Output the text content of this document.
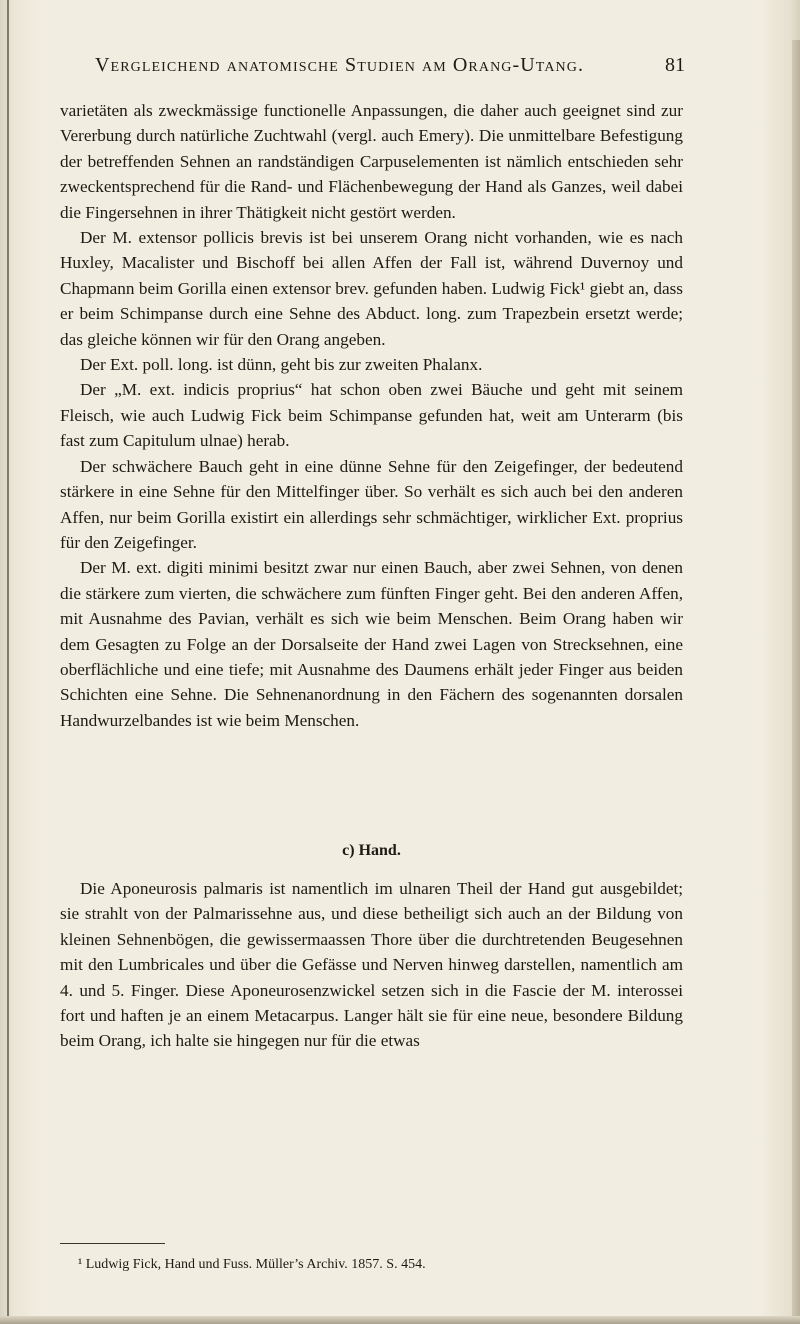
Vergleichend anatomische Studien am Orang-Utang.	81

varietäten als zweckmässige functionelle Anpassungen, die daher auch geeignet sind zur Vererbung durch natürliche Zuchtwahl (vergl. auch Emery). Die unmittelbare Befestigung der betreffenden Sehnen an randständigen Carpuselementen ist nämlich entschieden sehr zweckentsprechend für die Rand- und Flächenbewegung der Hand als Ganzes, weil dabei die Fingersehnen in ihrer Thätigkeit nicht gestört werden.

Der M. extensor pollicis brevis ist bei unserem Orang nicht vorhanden, wie es nach Huxley, Macalister und Bischoff bei allen Affen der Fall ist, während Duvernoy und Chapmann beim Gorilla einen extensor brev. gefunden haben. Ludwig Fick¹ giebt an, dass er beim Schimpanse durch eine Sehne des Abduct. long. zum Trapezbein ersetzt werde; das gleiche können wir für den Orang angeben.

Der Ext. poll. long. ist dünn, geht bis zur zweiten Phalanx.

Der „M. ext. indicis proprius“ hat schon oben zwei Bäuche und geht mit seinem Fleisch, wie auch Ludwig Fick beim Schimpanse gefunden hat, weit am Unterarm (bis fast zum Capitulum ulnae) herab.

Der schwächere Bauch geht in eine dünne Sehne für den Zeigefinger, der bedeutend stärkere in eine Sehne für den Mittelfinger über. So verhält es sich auch bei den anderen Affen, nur beim Gorilla existirt ein allerdings sehr schmächtiger, wirklicher Ext. proprius für den Zeigefinger.

Der M. ext. digiti minimi besitzt zwar nur einen Bauch, aber zwei Sehnen, von denen die stärkere zum vierten, die schwächere zum fünften Finger geht. Bei den anderen Affen, mit Ausnahme des Pavian, verhält es sich wie beim Menschen. Beim Orang haben wir dem Gesagten zu Folge an der Dorsalseite der Hand zwei Lagen von Strecksehnen, eine oberflächliche und eine tiefe; mit Ausnahme des Daumens erhält jeder Finger aus beiden Schichten eine Sehne. Die Sehnenanordnung in den Fächern des sogenannten dorsalen Handwurzelbandes ist wie beim Menschen.

c) Hand.

Die Aponeurosis palmaris ist namentlich im ulnaren Theil der Hand gut ausgebildet; sie strahlt von der Palmarissehne aus, und diese betheiligt sich auch an der Bildung von kleinen Sehnenbögen, die gewissermaassen Thore über die durchtretenden Beugesehnen mit den Lumbricales und über die Gefässe und Nerven hinweg darstellen, namentlich am 4. und 5. Finger. Diese Aponeurosenzwickel setzen sich in die Fascie der M. interossei fort und haften je an einem Metacarpus. Langer hält sie für eine neue, besondere Bildung beim Orang, ich halte sie hingegen nur für die etwas

¹ Ludwig Fick, Hand und Fuss. Müller’s Archiv. 1857. S. 454.
